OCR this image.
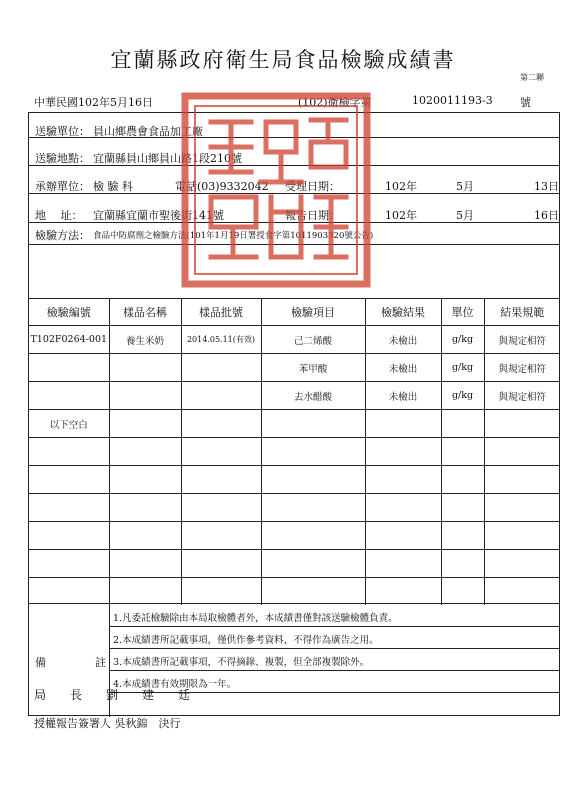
宜蘭縣政府衛生局食品檢驗成績書
第二聯
中華民國102年5月16日	(102)衛檢字第	1020011193-3 號
送驗單位： 員山鄉農會食品加工廠
送驗地點： 宜蘭縣員山鄉員山路1段210號
承辦單位： 檢 驗 科	電話(03)9332042 受理日期：	102年	5月	13日
地　 址： 宜蘭縣宜蘭市聖後街141號	報告日期：	102年	5月	16日
檢驗方法： 食品中防腐劑之檢驗方法(101年1月19日署授食字第1011903320號公告)
檢驗編號	樣品名稱	樣品批號	檢驗項目	檢驗結果	單位	結果規範
T102F0264-001	養生米奶	2014.05.11(有效)	己二烯酸	未檢出	g/kg	與規定相符
			苯甲酸	未檢出	g/kg	與規定相符
			去水醋酸	未檢出	g/kg	與規定相符
以下空白						

備	註
1.凡委託檢驗除由本局取檢體者外，本成績書僅對該送驗檢體負責。
2.本成績書所記載事項，僅供作參考資料，不得作為廣告之用。
3.本成績書所記載事項，不得摘錄、複製，但全部複製除外。
4.本成績書有效期限為一年。
局　　長　　劉　　建　　廷
授權報告簽署人 吳秋錦　決行
